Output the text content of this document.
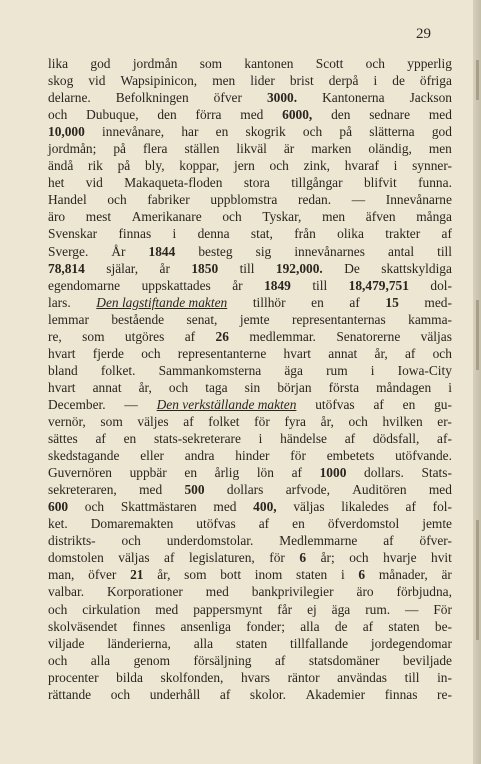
29
lika god jordmån som kantonen Scott och ypperlig
skog vid Wapsipinicon, men lider brist derpå i de öfriga
delarne. Befolkningen öfver 3000. Kantonerna Jackson
och Dubuque, den förra med 6000, den sednare med
10,000 innevånare, har en skogrik och på slätterna god
jordmån; på flera ställen likväl är marken oländig, men
ändå rik på bly, koppar, jern och zink, hvaraf i synner-
het vid Makaqueta-floden stora tillgångar blifvit funna.
Handel och fabriker uppblomstra redan. — Innevånarne
äro mest Amerikanare och Tyskar, men äfven många
Svenskar finnas i denna stat, från olika trakter af
Sverge. År 1844 besteg sig innevånarnes antal till
78,814 själar, år 1850 till 192,000. De skattskyldiga
egendomarne uppskattades år 1849 till 18,479,751 dol-
lars. Den lagstiftande makten tillhör en af 15 med-
lemmar bestående senat, jemte representanternas kamma-
re, som utgöres af 26 medlemmar. Senatorerne väljas
hvart fjerde och representanterne hvart annat år, af och
bland folket. Sammankomsterna äga rum i Iowa-City
hvart annat år, och taga sin början första måndagen i
December. — Den verkställande makten utöfvas af en gu-
vernör, som väljes af folket för fyra år, och hvilken er-
sättes af en stats-sekreterare i händelse af dödsfall, af-
skedstagande eller andra hinder för embetets utöfvande.
Guvernören uppbär en årlig lön af 1000 dollars. Stats-
sekreteraren, med 500 dollars arfvode, Auditören med
600 och Skattmästaren med 400, väljas likaledes af fol-
ket. Domaremakten utöfvas af en öfverdomstol jemte
distrikts- och underdomstolar. Medlemmarne af öfver-
domstolen väljas af legislaturen, för 6 år; och hvarje hvit
man, öfver 21 år, som bott inom staten i 6 månader, är
valbar. Korporationer med bankprivilegier äro förbjudna,
och cirkulation med pappersmynt får ej äga rum. — För
skolväsendet finnes ansenliga fonder; alla de af staten be-
viljade länderierna, alla staten tillfallande jordegendomar
och alla genom försäljning af statsdomäner beviljade
procenter bilda skolfonden, hvars räntor användas till in-
rättande och underhåll af skolor. Akademier finnas re-
